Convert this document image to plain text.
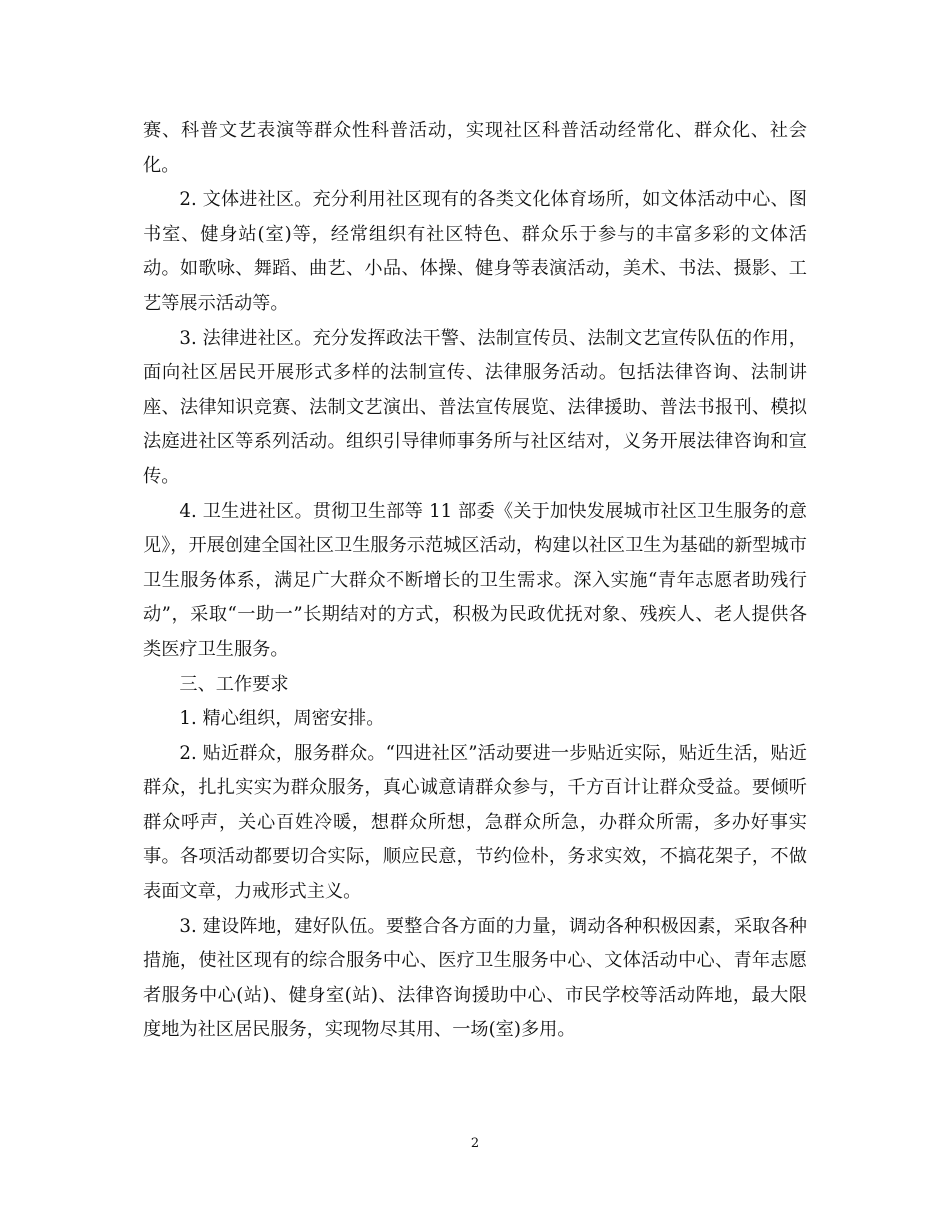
赛、科普文艺表演等群众性科普活动，实现社区科普活动经常化、群众化、社会化。

2. 文体进社区。充分利用社区现有的各类文化体育场所，如文体活动中心、图书室、健身站(室)等，经常组织有社区特色、群众乐于参与的丰富多彩的文体活动。如歌咏、舞蹈、曲艺、小品、体操、健身等表演活动，美术、书法、摄影、工艺等展示活动等。

3. 法律进社区。充分发挥政法干警、法制宣传员、法制文艺宣传队伍的作用，面向社区居民开展形式多样的法制宣传、法律服务活动。包括法律咨询、法制讲座、法律知识竞赛、法制文艺演出、普法宣传展览、法律援助、普法书报刊、模拟法庭进社区等系列活动。组织引导律师事务所与社区结对，义务开展法律咨询和宣传。

4. 卫生进社区。贯彻卫生部等 11 部委《关于加快发展城市社区卫生服务的意见》，开展创建全国社区卫生服务示范城区活动，构建以社区卫生为基础的新型城市卫生服务体系，满足广大群众不断增长的卫生需求。深入实施“青年志愿者助残行动”，采取“一助一”长期结对的方式，积极为民政优抚对象、残疾人、老人提供各类医疗卫生服务。

三、工作要求

1. 精心组织，周密安排。

2. 贴近群众，服务群众。“四进社区”活动要进一步贴近实际，贴近生活，贴近群众，扎扎实实为群众服务，真心诚意请群众参与，千方百计让群众受益。要倾听群众呼声，关心百姓冷暖，想群众所想，急群众所急，办群众所需，多办好事实事。各项活动都要切合实际，顺应民意，节约俭朴，务求实效，不搞花架子，不做表面文章，力戒形式主义。

3. 建设阵地，建好队伍。要整合各方面的力量，调动各种积极因素，采取各种措施，使社区现有的综合服务中心、医疗卫生服务中心、文体活动中心、青年志愿者服务中心(站)、健身室(站)、法律咨询援助中心、市民学校等活动阵地，最大限度地为社区居民服务，实现物尽其用、一场(室)多用。

2
